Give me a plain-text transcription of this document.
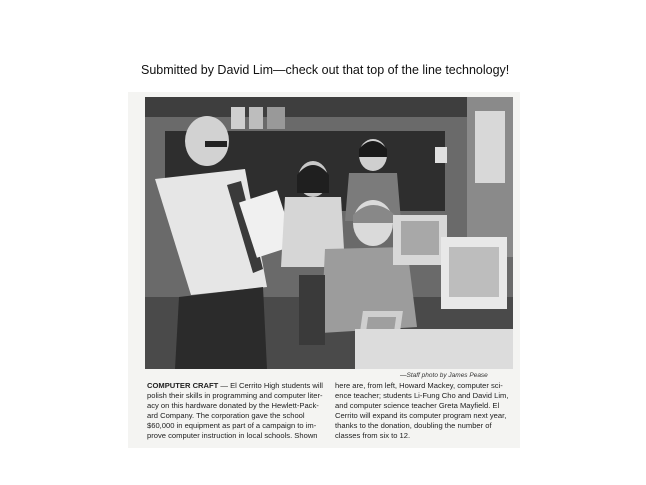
Submitted by David Lim—check out that top of the line technology!
—Staff photo by James Pease
COMPUTER CRAFT — El Cerrito High students will
polish their skills in programming and computer liter-
acy on this hardware donated by the Hewlett-Pack-
ard Company. The corporation gave the school
$60,000 in equipment as part of a campaign to im-
prove computer instruction in local schools. Shown
here are, from left, Howard Mackey, computer sci-
ence teacher; students Li-Fung Cho and David Lim,
and computer science teacher Greta Mayfield. El
Cerrito will expand its computer program next year,
thanks to the donation, doubling the number of
classes from six to 12.
